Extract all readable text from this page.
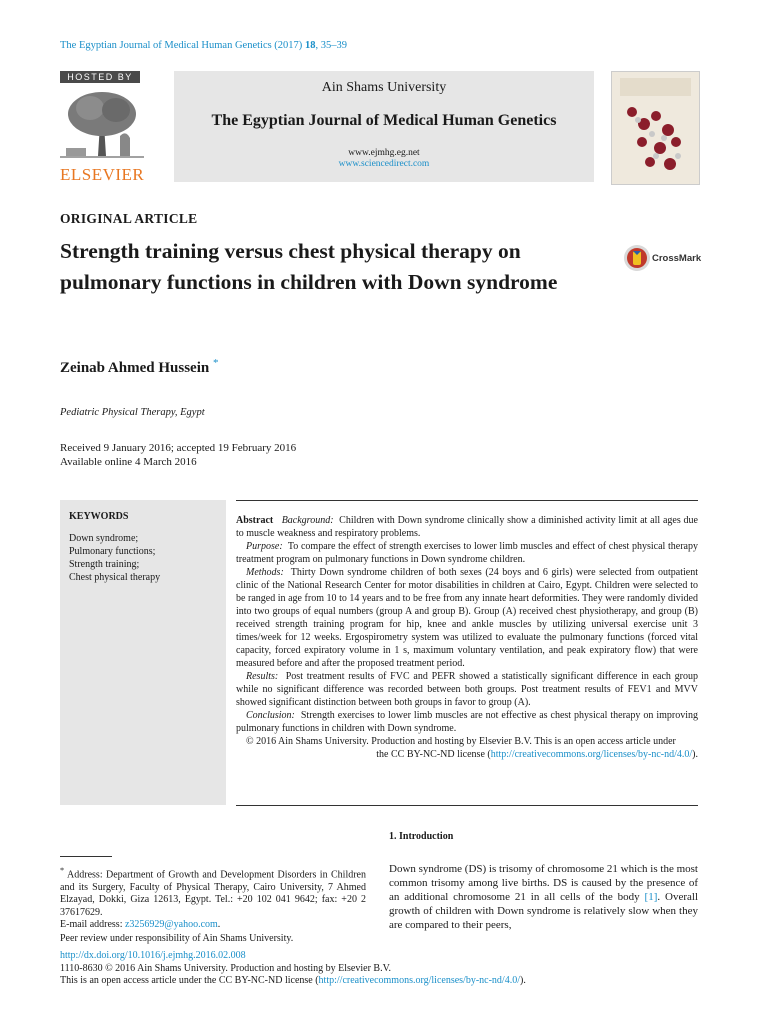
The Egyptian Journal of Medical Human Genetics (2017) 18, 35–39
HOSTED BY
ELSEVIER
Ain Shams University
The Egyptian Journal of Medical Human Genetics
www.ejmhg.eg.net
www.sciencedirect.com
ORIGINAL ARTICLE
Strength training versus chest physical therapy on pulmonary functions in children with Down syndrome
CrossMark
Zeinab Ahmed Hussein *
Pediatric Physical Therapy, Egypt
Received 9 January 2016; accepted 19 February 2016
Available online 4 March 2016
KEYWORDS
Down syndrome;
Pulmonary functions;
Strength training;
Chest physical therapy

Abstract Background: Children with Down syndrome clinically show a diminished activity limit at all ages due to muscle weakness and respiratory problems.

Purpose: To compare the effect of strength exercises to lower limb muscles and effect of chest physical therapy treatment program on pulmonary functions in Down syndrome children.

Methods: Thirty Down syndrome children of both sexes (24 boys and 6 girls) were selected from outpatient clinic of the National Research Center for motor disabilities in children at Cairo, Egypt. Children were selected to be ranged in age from 10 to 14 years and to be free from any innate heart deformities. They were randomly divided into two groups of equal numbers (group A and group B). Group (A) received chest physiotherapy, and group (B) received strength training program for hip, knee and ankle muscles by utilizing universal exercise unit 3 times/week for 12 weeks. Ergospirometry system was utilized to evaluate the pulmonary functions (forced vital capacity, forced expiratory volume in 1 s, maximum voluntary ventilation, and peak expiratory flow) that were measured before and after the proposed treatment period.

Results: Post treatment results of FVC and PEFR showed a statistically significant difference in each group while no significant difference was recorded between both groups. Post treatment results of FEV1 and MVV showed significant distinction between both groups in favor to group (A).

Conclusion: Strength exercises to lower limb muscles are not effective as chest physical therapy on improving pulmonary functions in children with Down syndrome.

© 2016 Ain Shams University. Production and hosting by Elsevier B.V. This is an open access article under

the CC BY-NC-ND license (http://creativecommons.org/licenses/by-nc-nd/4.0/).

1. Introduction
Down syndrome (DS) is trisomy of chromosome 21 which is the most common trisomy among live births. DS is caused by the presence of an additional chromosome 21 in all cells of the body [1]. Overall growth of children with Down syndrome is relatively slow when they are compared to their peers,

* Address: Department of Growth and Development Disorders in Children and its Surgery, Faculty of Physical Therapy, Cairo University, 7 Ahmed Elzayad, Dokki, Giza 12613, Egypt. Tel.: +20 102 041 9642; fax: +20 2 37617629.

E-mail address: z3256929@yahoo.com.

Peer review under responsibility of Ain Shams University.
http://dx.doi.org/10.1016/j.ejmhg.2016.02.008
1110-8630 © 2016 Ain Shams University. Production and hosting by Elsevier B.V.
This is an open access article under the CC BY-NC-ND license (http://creativecommons.org/licenses/by-nc-nd/4.0/).
